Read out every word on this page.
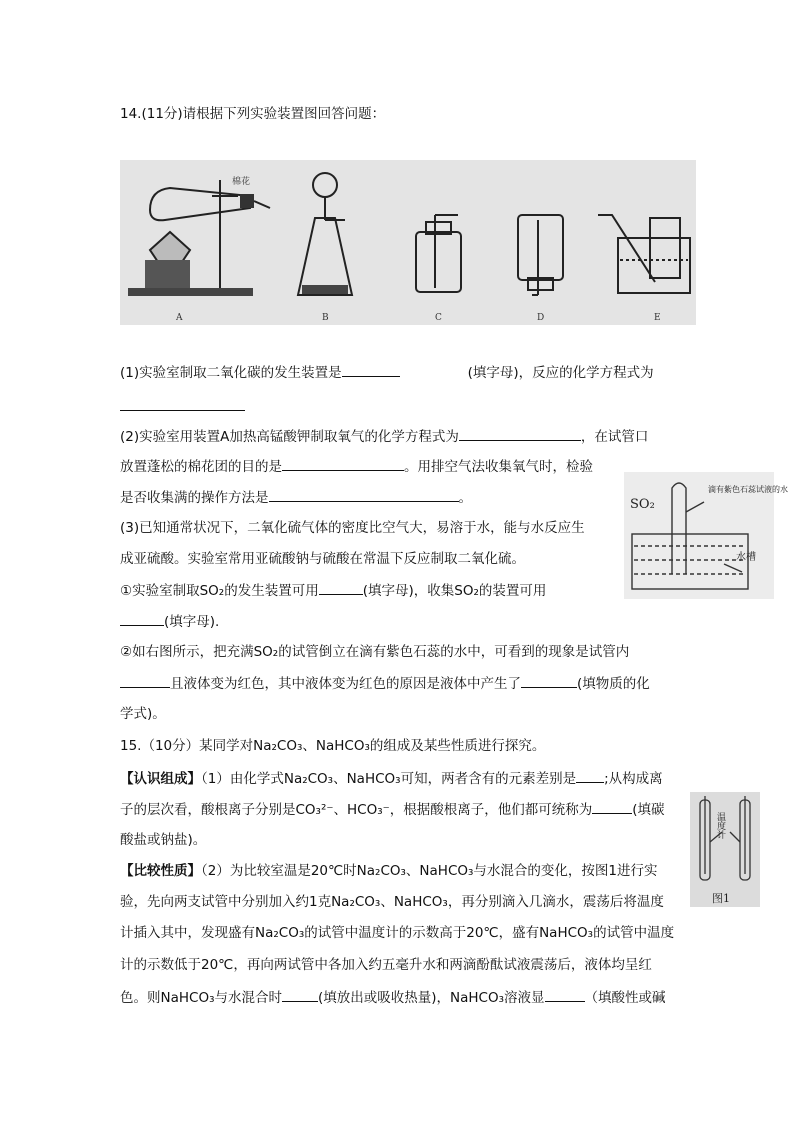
14.(11分)请根据下列实验装置图回答问题：
A	B	C	D	E
棉花
(1)实验室制取二氧化碳的发生装置是	(填字母)，反应的化学方程式为
(2)实验室用装置A加热高锰酸钾制取氧气的化学方程式为	，在试管口
放置蓬松的棉花团的目的是	。用排空气法收集氧气时，检验
是否收集满的操作方法是	。	SO₂
滴有紫色石蕊试液的水
水槽
(3)已知通常状况下，二氧化硫气体的密度比空气大，易溶于水，能与水反应生
成亚硫酸。实验室常用亚硫酸钠与硫酸在常温下反应制取二氧化硫。
①实验室制取SO₂的发生装置可用	(填字母)，收集SO₂的装置可用
(填字母).
②如右图所示，把充满SO₂的试管倒立在滴有紫色石蕊的水中，可看到的现象是试管内
且液体变为红色，其中液体变为红色的原因是液体中产生了	(填物质的化
学式)。
15.（10分）某同学对Na₂CO₃、NaHCO₃的组成及某些性质进行探究。
【认识组成】（1）由化学式Na₂CO₃、NaHCO₃可知，两者含有的元素差别是 ;从构成离
子的层次看，酸根离子分别是CO₃²⁻、HCO₃⁻，根据酸根离子，他们都可统称为	(填碳
酸盐或钠盐)。
温度计
图1
【比较性质】（2）为比较室温是20℃时Na₂CO₃、NaHCO₃与水混合的变化，按图1进行实
验，先向两支试管中分别加入约1克Na₂CO₃、NaHCO₃，再分别滴入几滴水，震荡后将温度
计插入其中，发现盛有Na₂CO₃的试管中温度计的示数高于20℃，盛有NaHCO₃的试管中温度
计的示数低于20℃，再向两试管中各加入约五毫升水和两滴酚酞试液震荡后，液体均呈红
色。则NaHCO₃与水混合时	(填放出或吸收热量)，NaHCO₃溶液显	（填酸性或碱
